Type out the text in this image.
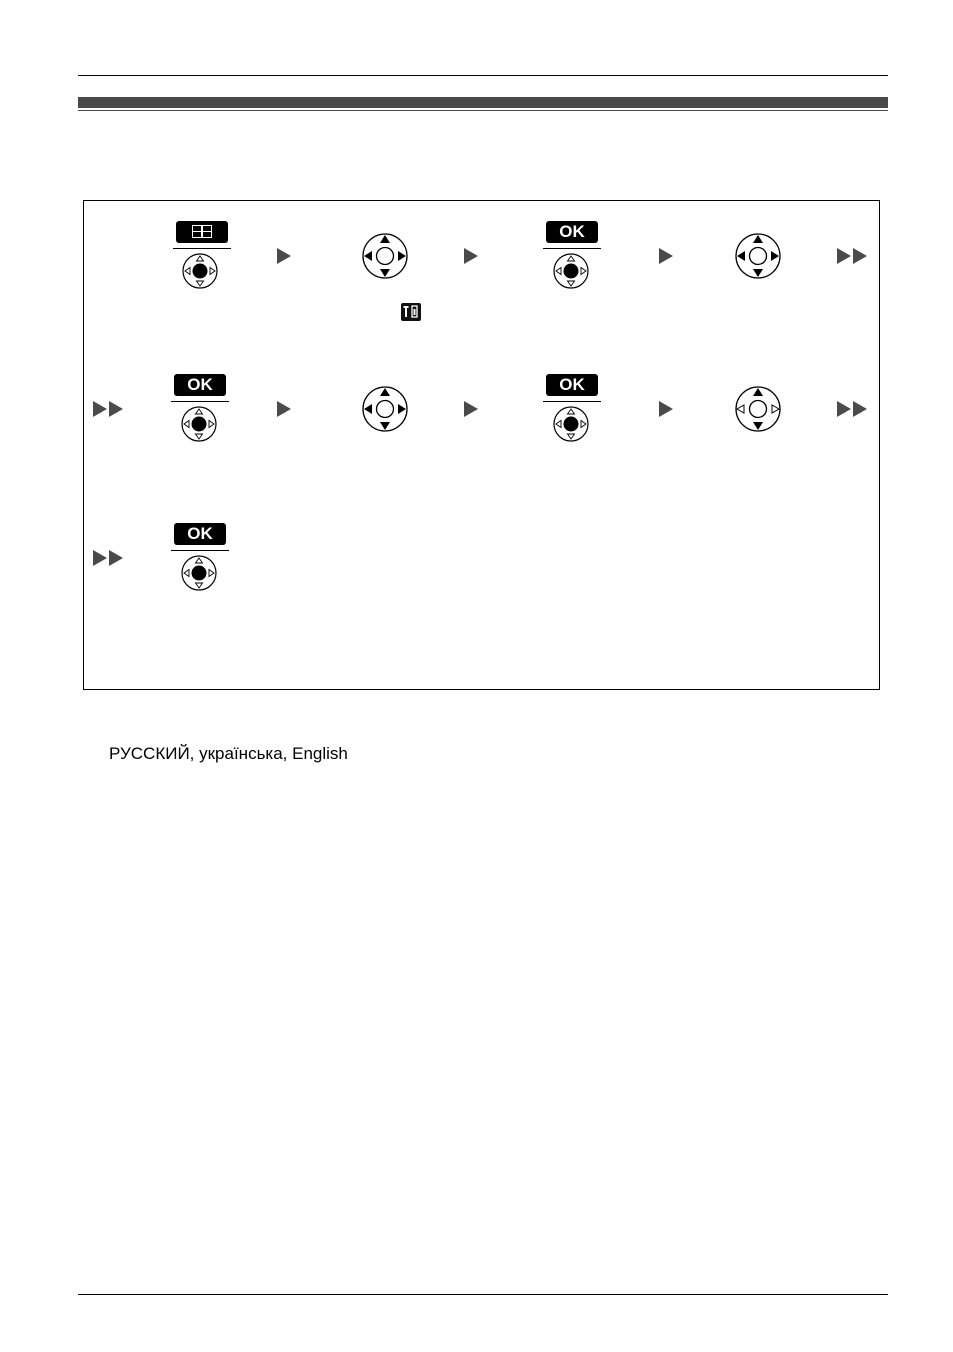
OK
OK	OK
OK
РУССКИЙ, українська, English
